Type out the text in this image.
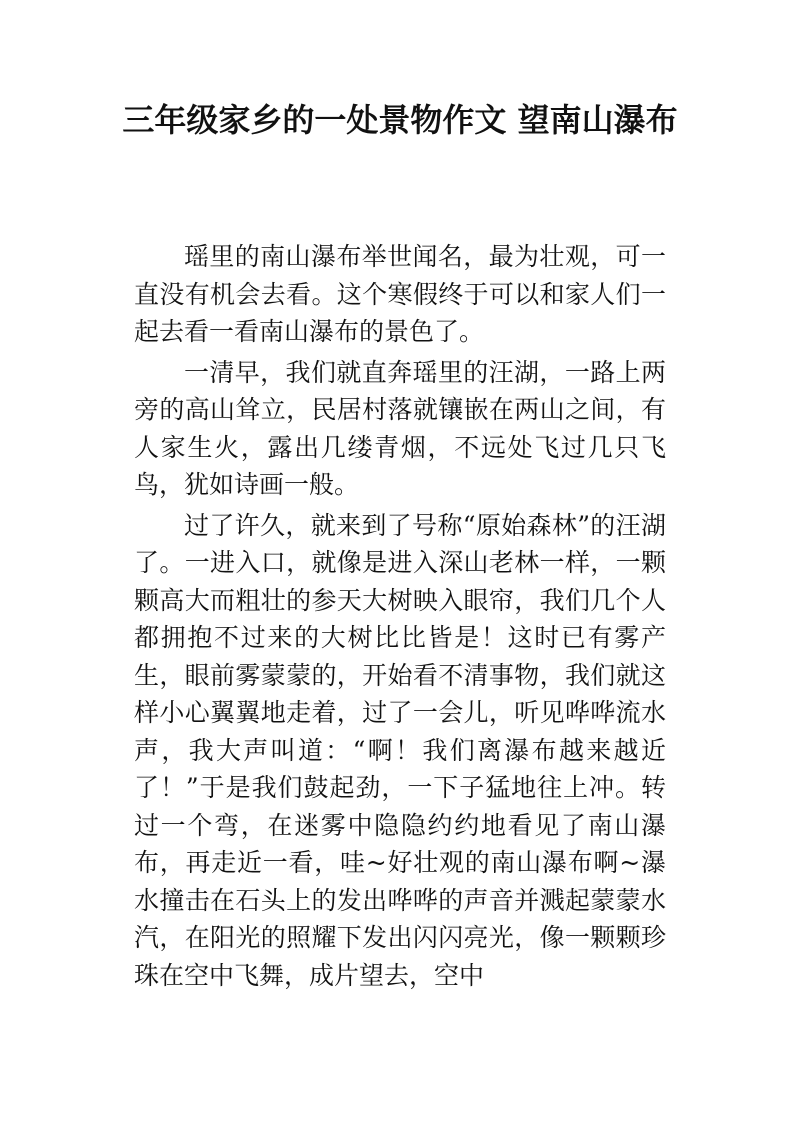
三年级家乡的一处景物作文 望南山瀑布

瑶里的南山瀑布举世闻名，最为壮观，可一直没有机会去看。这个寒假终于可以和家人们一起去看一看南山瀑布的景色了。

一清早，我们就直奔瑶里的汪湖，一路上两旁的高山耸立，民居村落就镶嵌在两山之间，有人家生火，露出几缕青烟，不远处飞过几只飞鸟，犹如诗画一般。

过了许久，就来到了号称“原始森林”的汪湖了。一进入口，就像是进入深山老林一样，一颗颗高大而粗壮的参天大树映入眼帘，我们几个人都拥抱不过来的大树比比皆是！这时已有雾产生，眼前雾蒙蒙的，开始看不清事物，我们就这样小心翼翼地走着，过了一会儿，听见哗哗流水声，我大声叫道：“啊！我们离瀑布越来越近了！”于是我们鼓起劲，一下子猛地往上冲。转过一个弯，在迷雾中隐隐约约地看见了南山瀑布，再走近一看，哇~好壮观的南山瀑布啊~瀑水撞击在石头上的发出哗哗的声音并溅起蒙蒙水汽，在阳光的照耀下发出闪闪亮光，像一颗颗珍珠在空中飞舞，成片望去，空中
